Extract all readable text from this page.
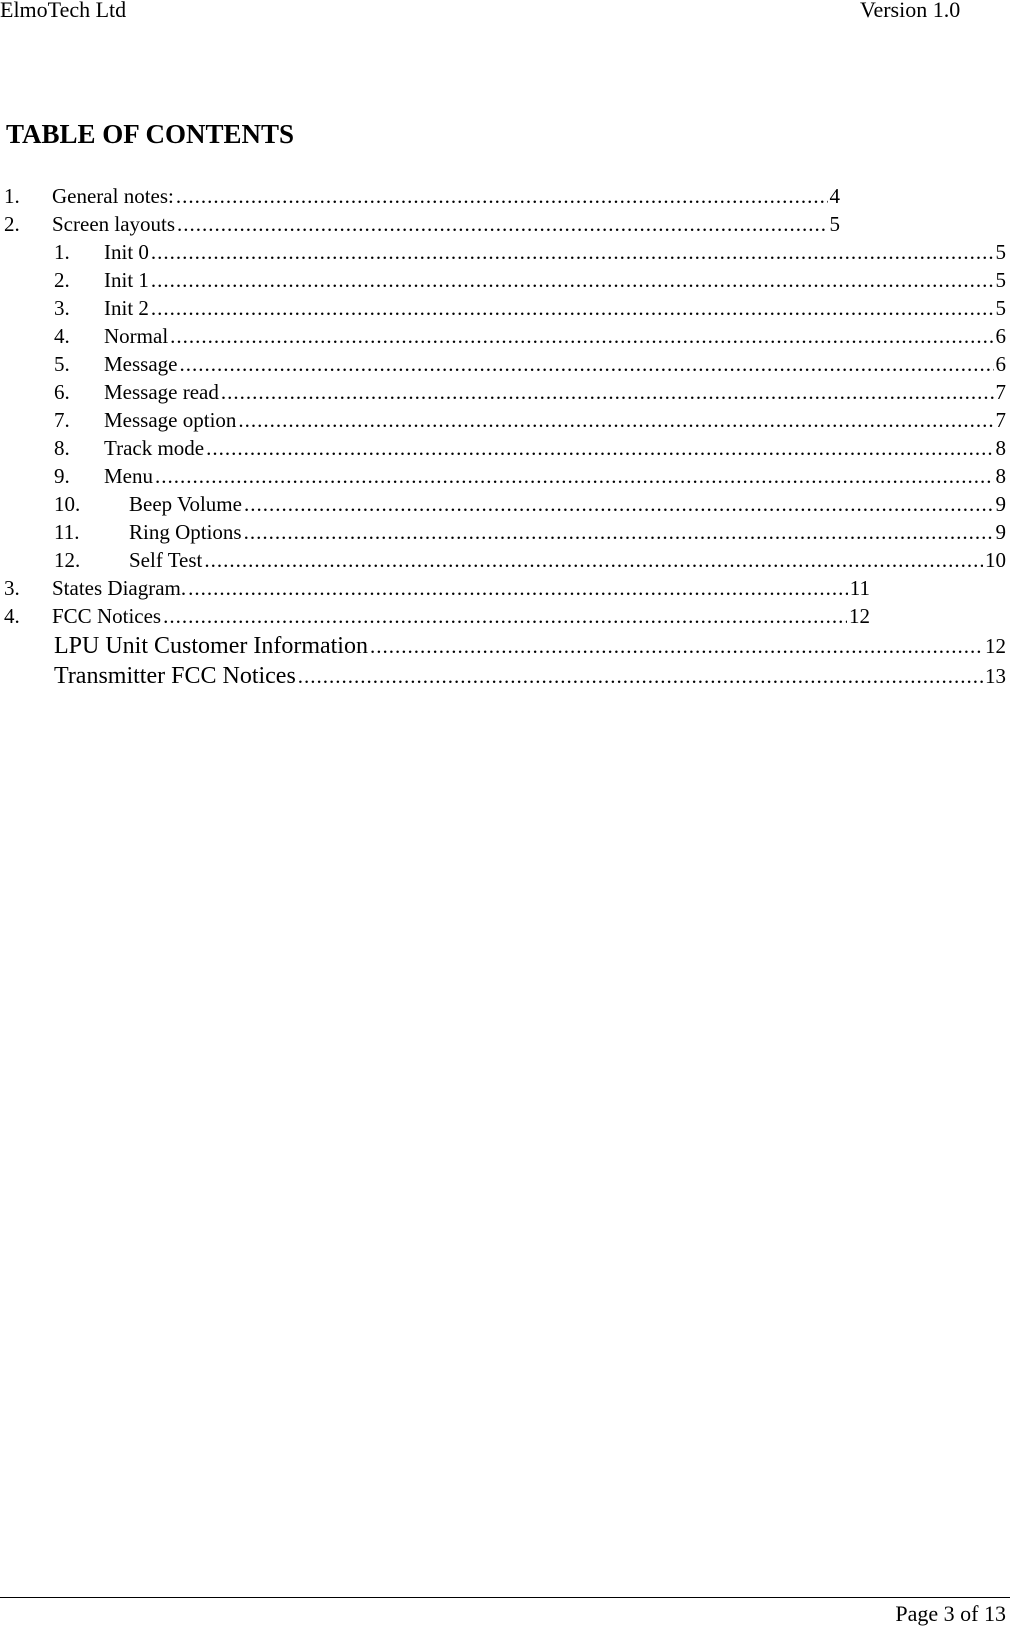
ElmoTech Ltd	Version 1.0
TABLE OF CONTENTS
1.	General notes: .....	4
2.	Screen layouts .....	5
1.	Init 0 .....	5
2.	Init 1 .....	5
3.	Init 2 .....	5
4.	Normal .....	6
5.	Message .....	6
6.	Message read .....	7
7.	Message option .....	7
8.	Track mode .....	8
9.	Menu .....	8
10.	Beep Volume .....	9
11.	Ring Options .....	9
12.	Self Test .....	10
3.	States Diagram. .....	11
4.	FCC Notices .....	12
LPU Unit Customer Information .....	12
Transmitter FCC Notices .....	13
Page 3 of 13
